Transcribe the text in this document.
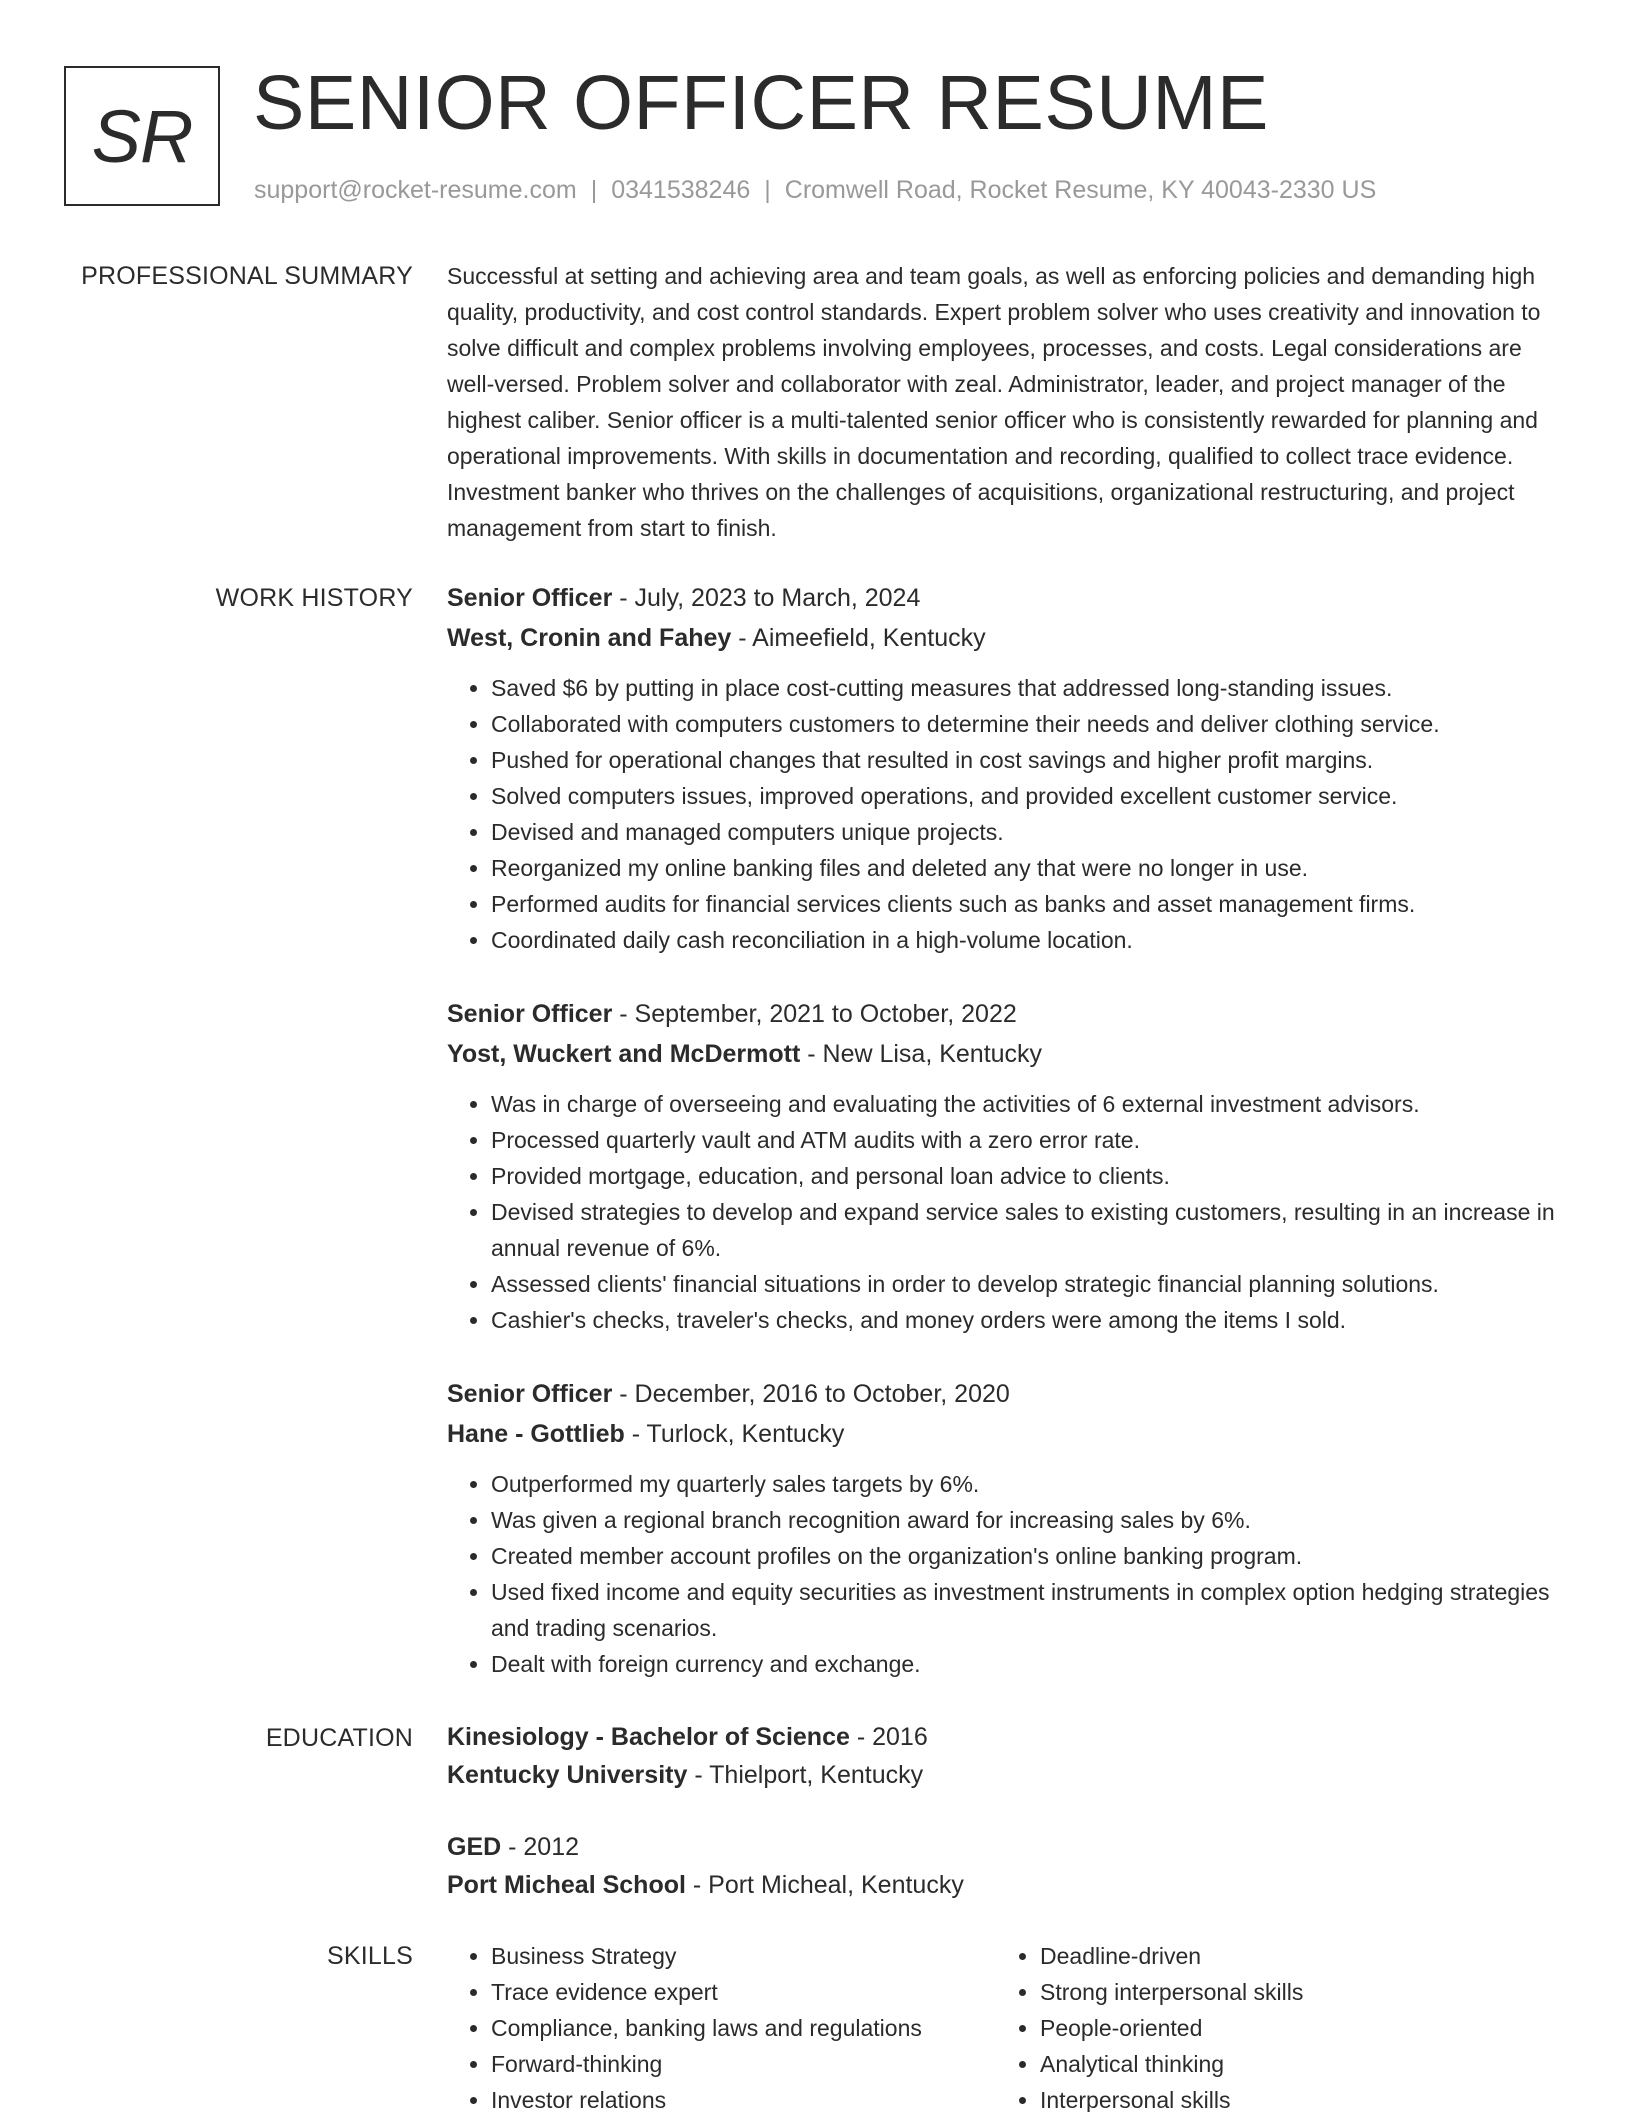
SR SENIOR OFFICER RESUME
support@rocket-resume.com | 0341538246 | Cromwell Road, Rocket Resume, KY 40043-2330 US
PROFESSIONAL SUMMARY Successful at setting and achieving area and team goals, as well as enforcing policies and demanding high quality, productivity, and cost control standards. Expert problem solver who uses creativity and innovation to solve difficult and complex problems involving employees, processes, and costs. Legal considerations are well-versed. Problem solver and collaborator with zeal. Administrator, leader, and project manager of the highest caliber. Senior officer is a multi-talented senior officer who is consistently rewarded for planning and operational improvements. With skills in documentation and recording, qualified to collect trace evidence. Investment banker who thrives on the challenges of acquisitions, organizational restructuring, and project management from start to finish.

WORK HISTORY Senior Officer - July, 2023 to March, 2024
West, Cronin and Fahey - Aimeefield, Kentucky
• Saved $6 by putting in place cost-cutting measures that addressed long-standing issues.
• Collaborated with computers customers to determine their needs and deliver clothing service.
• Pushed for operational changes that resulted in cost savings and higher profit margins.
• Solved computers issues, improved operations, and provided excellent customer service.
• Devised and managed computers unique projects.
• Reorganized my online banking files and deleted any that were no longer in use.
• Performed audits for financial services clients such as banks and asset management firms.
• Coordinated daily cash reconciliation in a high-volume location.
Senior Officer - September, 2021 to October, 2022
Yost, Wuckert and McDermott - New Lisa, Kentucky
• Was in charge of overseeing and evaluating the activities of 6 external investment advisors.
• Processed quarterly vault and ATM audits with a zero error rate.
• Provided mortgage, education, and personal loan advice to clients.
• Devised strategies to develop and expand service sales to existing customers, resulting in an increase in annual revenue of 6%.
• Assessed clients' financial situations in order to develop strategic financial planning solutions.
• Cashier's checks, traveler's checks, and money orders were among the items I sold.
Senior Officer - December, 2016 to October, 2020
Hane - Gottlieb - Turlock, Kentucky
• Outperformed my quarterly sales targets by 6%.
• Was given a regional branch recognition award for increasing sales by 6%.
• Created member account profiles on the organization's online banking program.
• Used fixed income and equity securities as investment instruments in complex option hedging strategies and trading scenarios.
• Dealt with foreign currency and exchange.
EDUCATION Kinesiology - Bachelor of Science - 2016
Kentucky University - Thielport, Kentucky
GED - 2012
Port Micheal School - Port Micheal, Kentucky
SKILLS
•	Business Strategy
• Trace evidence expert
• Compliance, banking laws and regulations
• Forward-thinking
• Investor relations
• Deadline-driven
• Strong interpersonal skills
• People-oriented
• Analytical thinking
• Interpersonal skills
